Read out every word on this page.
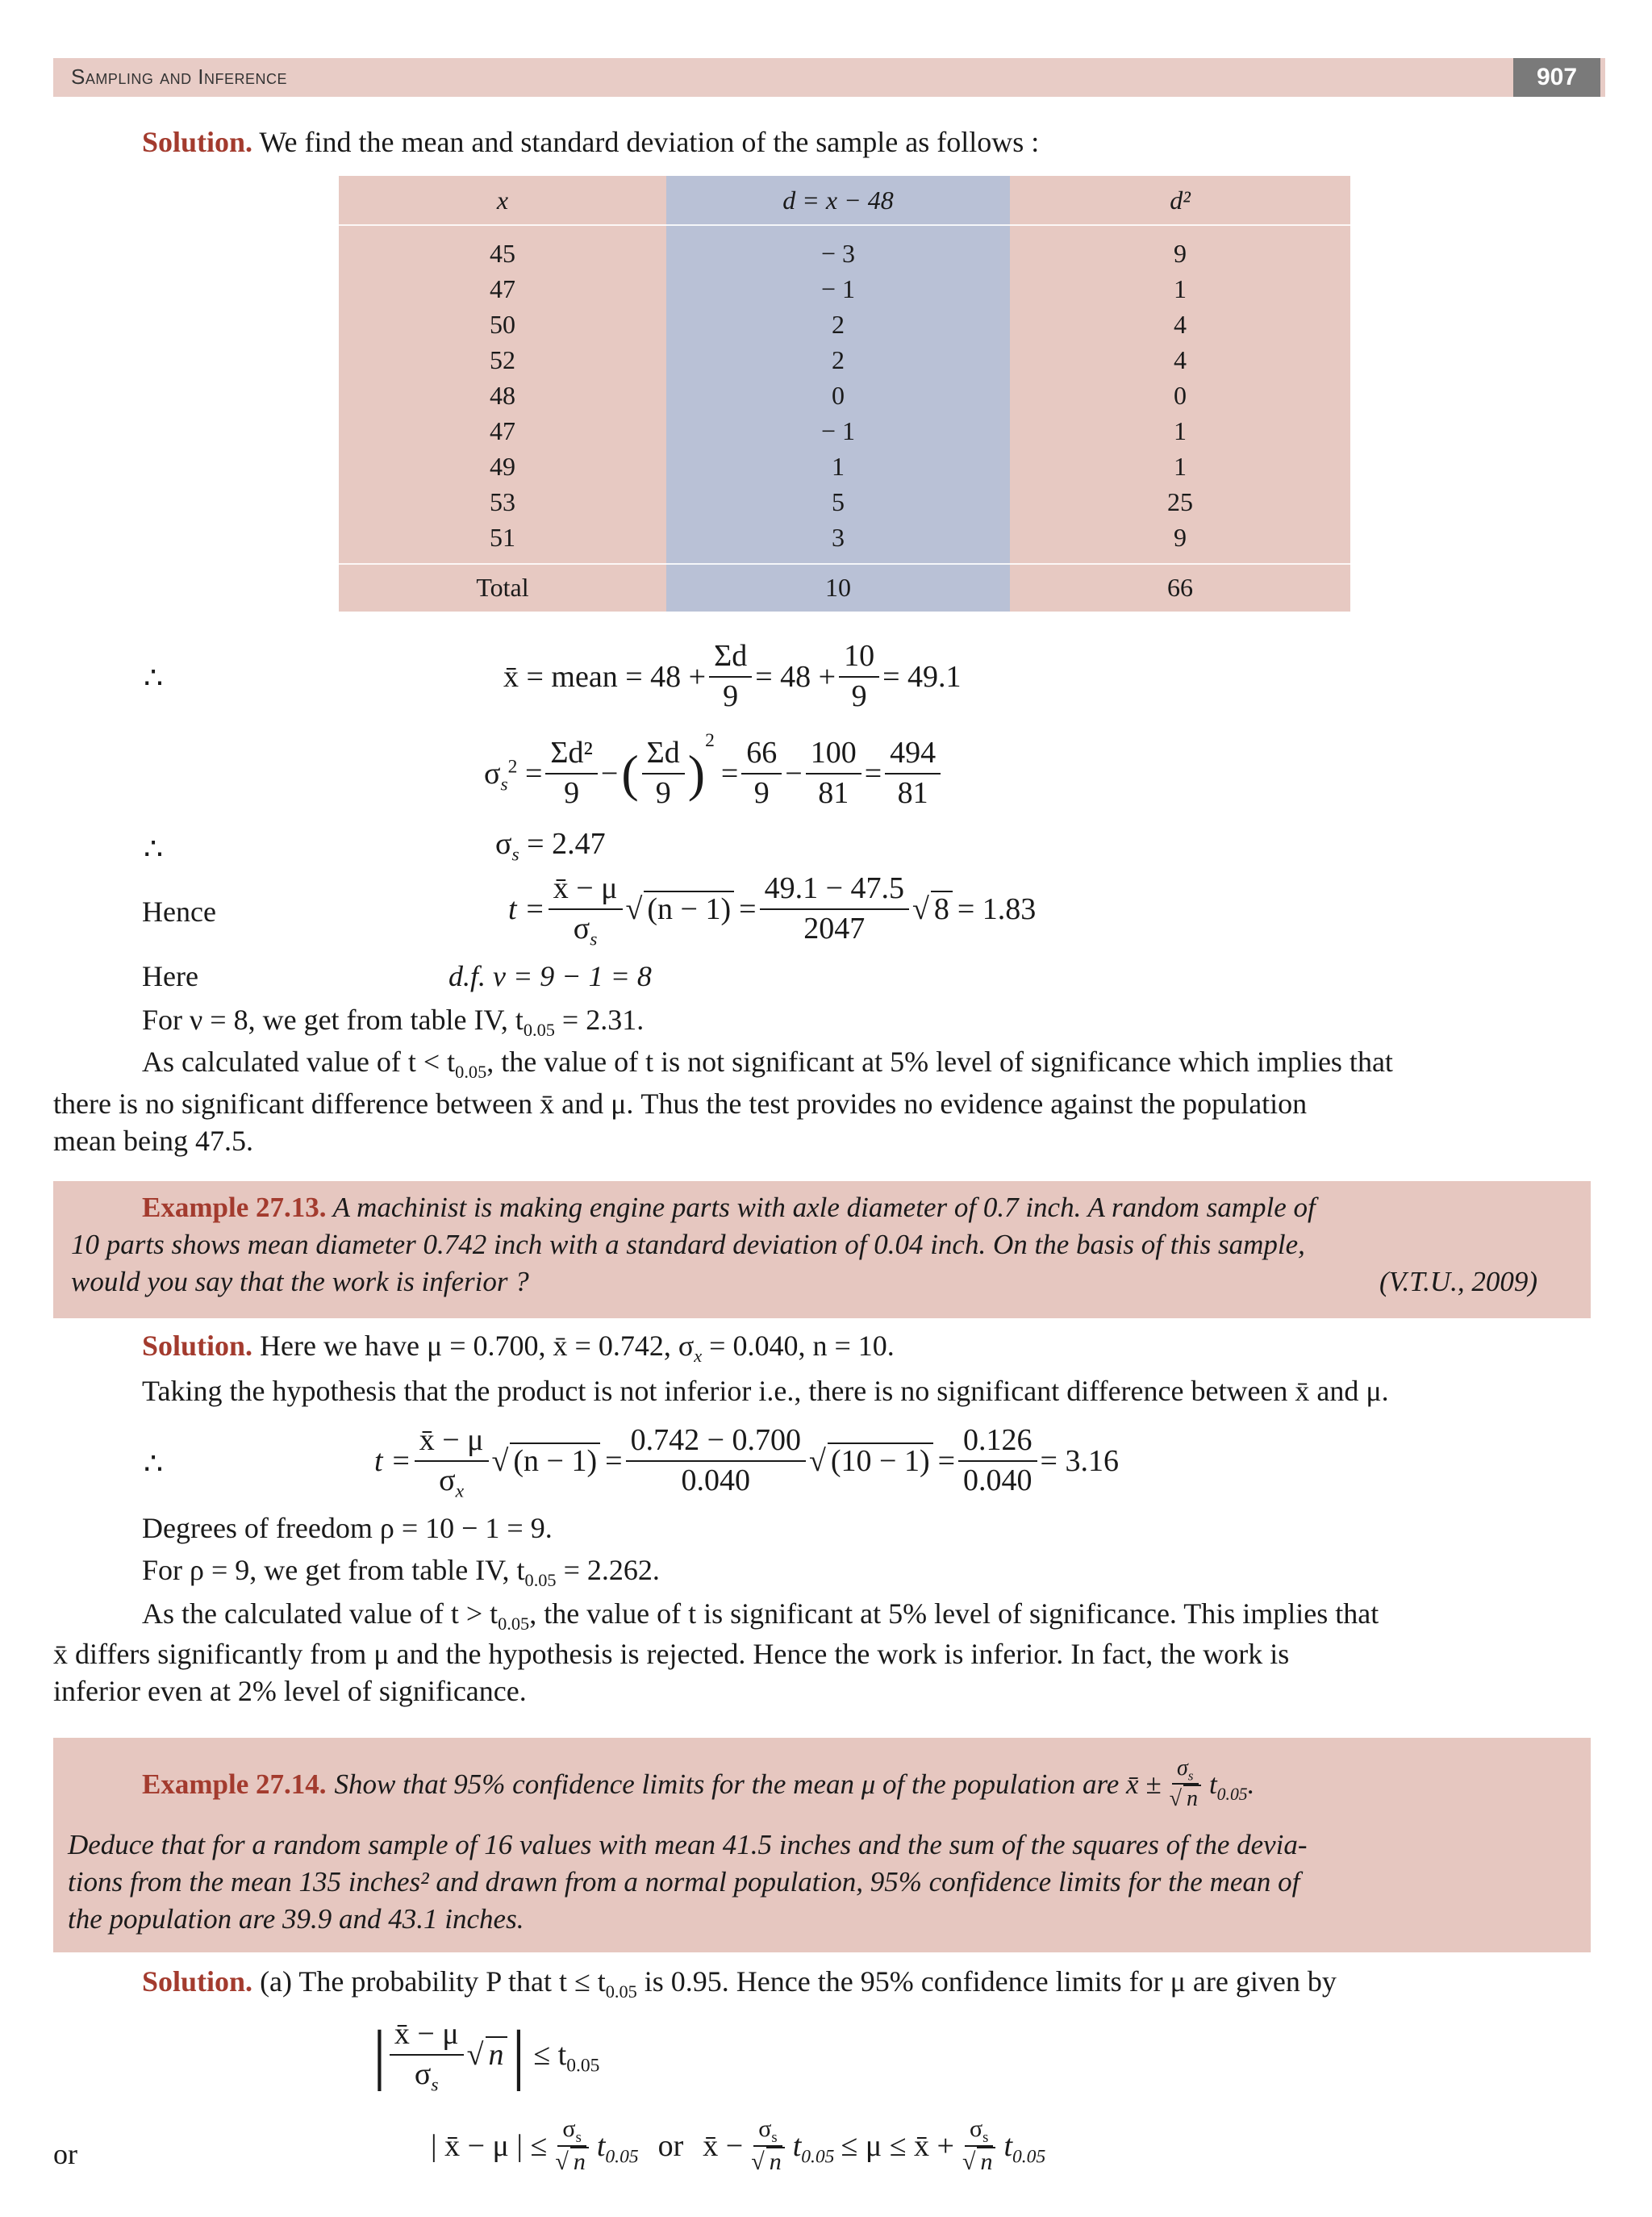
Sampling and Inference	907
Solution. We find the mean and standard deviation of the sample as follows :
x	d = x − 48	d²
45	− 3	9
47	− 1	1
50	2	4
52	2	4
48	0	0
47	− 1	1
49	1	1
53	5	25
51	3	9
Total	10	66
∴	x̄ = mean = $48 + \frac{\Sigma d}{9} = 48 + \frac{10}{9} = 49.1$
$\sigma_s^2 = \frac{\text{Σd²}}{9}$ − ( $\frac{\Sigma d}{9}$ )
2
= $\frac{66}{9} - \frac{100}{81} = \frac{494}{81}$
∴	$\sigma_s = 2.47$
Hence	$t = \frac{x̄ - \mu}{\sigma_s}$ √ $(n - 1) = \frac{49.1 - 47.5}{2047}$ √ 8 = 1.83
Here	d.f. ν = 9 − 1 = 8
For ν = 8, we get from table IV, $t_{0.05} = 2.31$.
As calculated value of $t < t_{0.05}$, the value of t is not significant at 5% level of significance which implies that
there is no significant difference between x̄ and μ. Thus the test provides no evidence against the population
mean being 47.5.
Example 27.13. A machinist is making engine parts with axle diameter of 0.7 inch. A random sample of
10 parts shows mean diameter 0.742 inch with a standard deviation of 0.04 inch. On the basis of this sample,
would you say that the work is inferior ?	(V.T.U., 2009)
Solution. Here we have μ = 0.700, x̄ = 0.742, $\sigma_x = 0.040$, n = 10.
Taking the hypothesis that the product is not inferior i.e., there is no significant difference between x̄ and μ.
∴	$t = \frac{x̄ - \mu}{\sigma_x}$ √ $(n - 1) = \frac{0.742 - 0.700}{0.040}$ √ $(10 - 1) = \frac{0.126}{0.040} = 3.16$
Degrees of freedom ρ = 10 − 1 = 9.
For ρ = 9, we get from table IV, $t_{0.05} = 2.262$.
As the calculated value of $t > t_{0.05}$, the value of t is significant at 5% level of significance. This implies that
x̄ differs significantly from μ and the hypothesis is rejected. Hence the work is inferior. In fact, the work is
inferior even at 2% level of significance.
Example 27.14. Show that 95% confidence limits for the mean μ of the population are x̄ ± $\frac{\sigma_s}{√ n} t_{0.05}$.
Deduce that for a random sample of 16 values with mean 41.5 inches and the sum of the squares of the devia-
tions from the mean 135 inches² and drawn from a normal population, 95% confidence limits for the mean of
the population are 39.9 and 43.1 inches.
Solution. (a) The probability P that $t \le t_{0.05}$ is 0.95. Hence the 95% confidence limits for μ are given by
| $\frac{x̄ - \mu}{\sigma_s}$ √ n | ≤ $t_{0.05}$
or	| x̄ − μ | ≤ $\frac{\sigma_s}{√ n} t_{0.05}$ or x̄ − $\frac{\sigma_s}{√ n} t_{0.05} \le \mu$ ≤ x̄ + $\frac{\sigma_s}{√ n} t_{0.05}$
